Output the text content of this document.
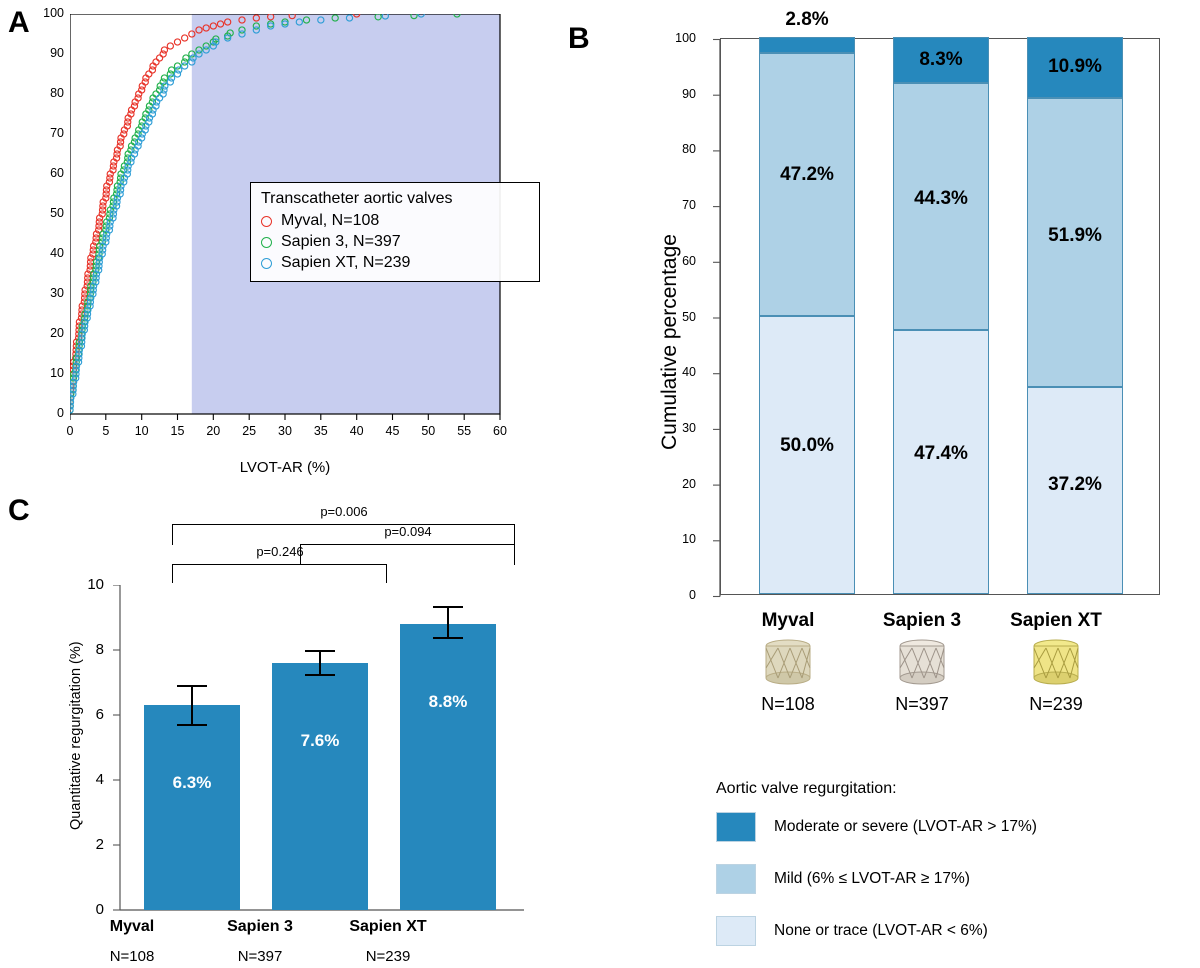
A 100
90
80
70
60
50
40
30
20
10
0
0	5	10 15 20 25 30 35 40 45 50 55 60
Transcatheter aortic valves
Myval, N=108
Sapien 3, N=397
Sapien XT, N=239
LVOT-AR (%)
B
Cumulative percentage
100
90
80
70
60
50
40
30
20
10
0
50.0%
47.2%
2.8%
47.4%
44.3%
8.3%
37.2%
51.9%
10.9%
Myval	Sapien 3	Sapien XT
N=108	N=397	N=239
Aortic valve regurgitation:
Moderate or severe (LVOT-AR > 17%)
Mild (6% ≤ LVOT-AR ≥ 17%)
None or trace (LVOT-AR < 6%)
C
Quantitative regurgitation (%)
10
8
6
4
2
0
6.3%
7.6%
8.8%
p=0.006
p=0.246
p=0.094
Myval	Sapien 3	Sapien XT
N=108	N=397	N=239
